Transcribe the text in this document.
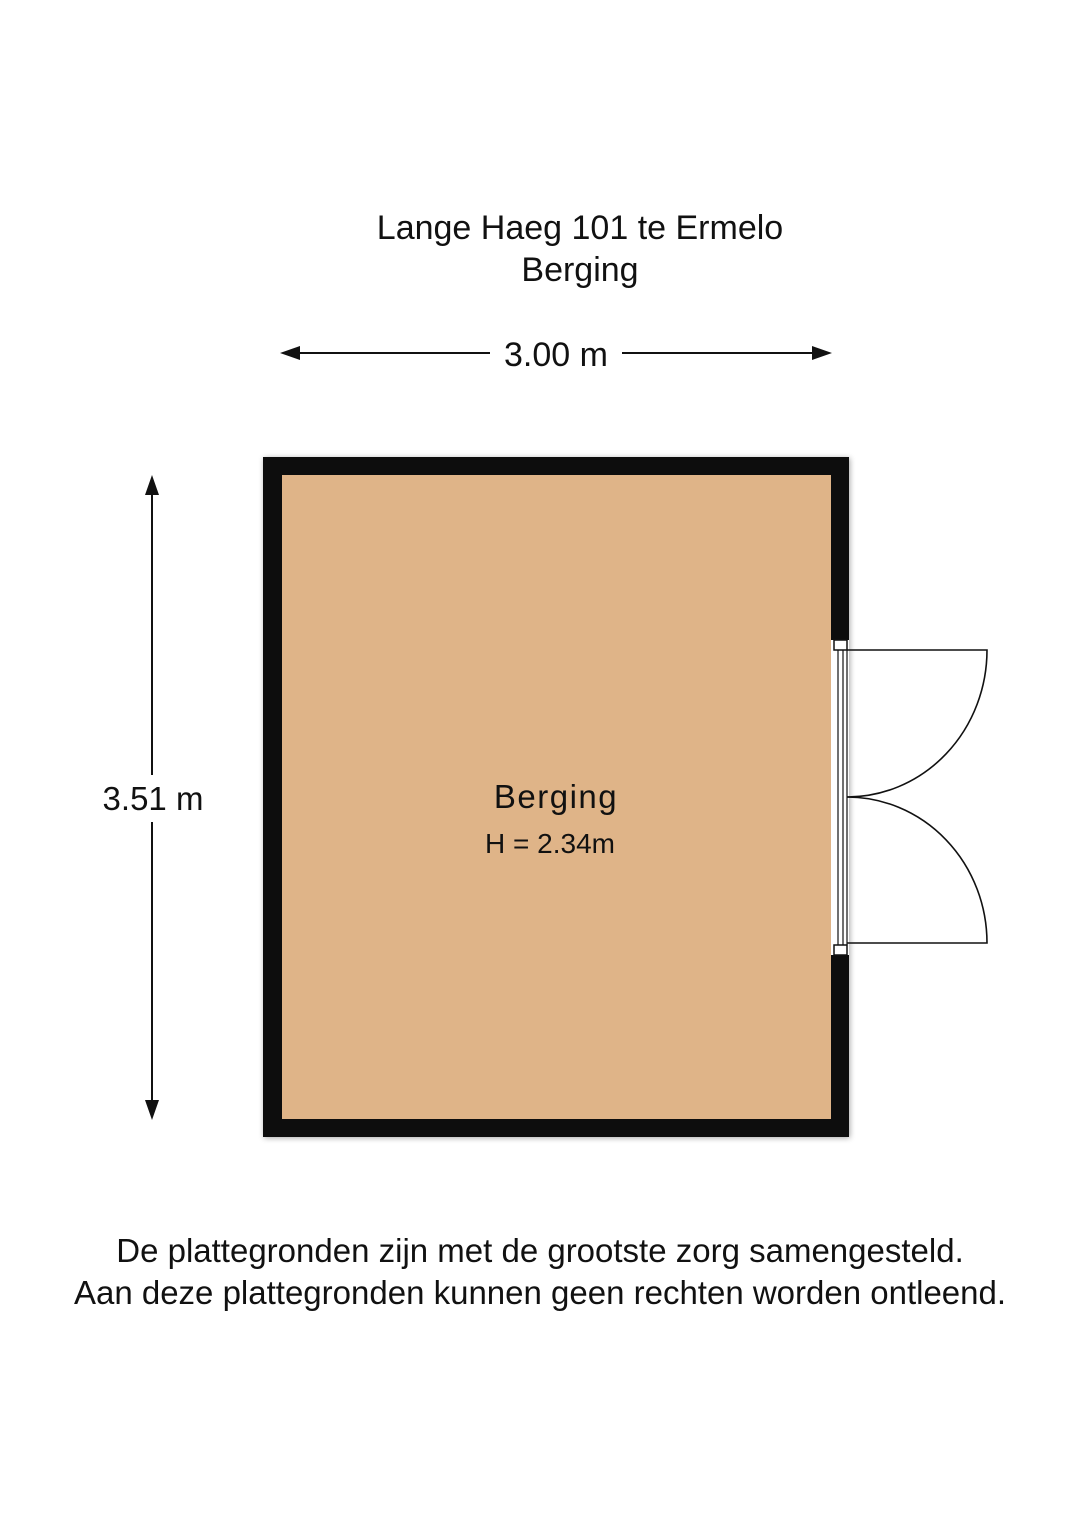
Lange Haeg 101 te Ermelo
Berging
3.00 m
3.51 m	Berging
H = 2.34m
De plattegronden zijn met de grootste zorg samengesteld.
Aan deze plattegronden kunnen geen rechten worden ontleend.
